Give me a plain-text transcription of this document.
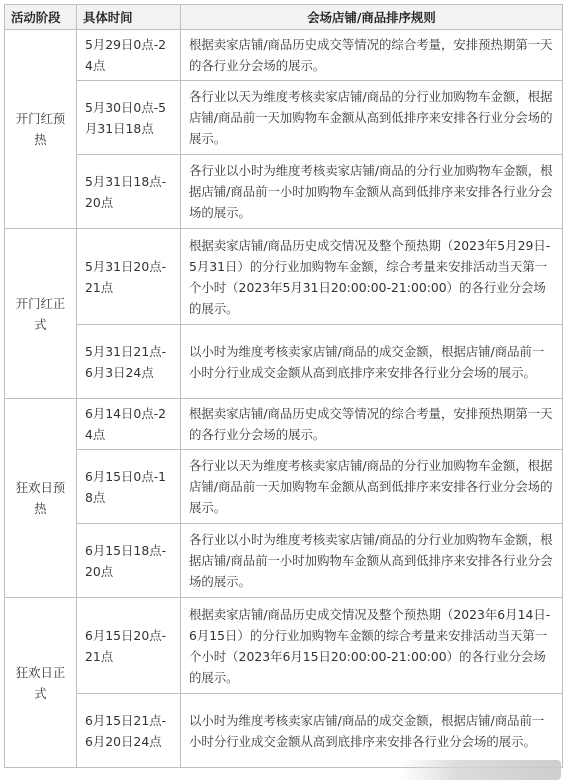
活动阶段	具体时间	会场店铺/商品排序规则
开门红预热	5月29日0点-24点	根据卖家店铺/商品历史成交等情况的综合考量，安排预热期第一天的各行业分会场的展示。
	5月30日0点-5月31日18点	各行业以天为维度考核卖家店铺/商品的分行业加购物车金额，根据店铺/商品前一天加购物车金额从高到低排序来安排各行业分会场的展示。
	5月31日18点-20点	各行业以小时为维度考核卖家店铺/商品的分行业加购物车金额，根据店铺/商品前一小时加购物车金额从高到低排序来安排各行业分会场的展示。
开门红正式	5月31日20点-21点	根据卖家店铺/商品历史成交情况及整个预热期（2023年5月29日-5月31日）的分行业加购物车金额，综合考量来安排活动当天第一个小时（2023年5月31日20:00:00-21:00:00）的各行业分会场的展示。
	5月31日21点-6月3日24点	以小时为维度考核卖家店铺/商品的成交金额，根据店铺/商品前一小时分行业成交金额从高到底排序来安排各行业分会场的展示。
狂欢日预热	6月14日0点-24点	根据卖家店铺/商品历史成交等情况的综合考量，安排预热期第一天的各行业分会场的展示。
	6月15日0点-18点	各行业以天为维度考核卖家店铺/商品的分行业加购物车金额，根据店铺/商品前一天加购物车金额从高到低排序来安排各行业分会场的展示。
	6月15日18点-20点	各行业以小时为维度考核卖家店铺/商品的分行业加购物车金额，根据店铺/商品前一小时加购物车金额从高到低排序来安排各行业分会场的展示。
狂欢日正式	6月15日20点-21点	根据卖家店铺/商品历史成交情况及整个预热期（2023年6月14日-6月15日）的分行业加购物车金额的综合考量来安排活动当天第一个小时（2023年6月15日20:00:00-21:00:00）的各行业分会场的展示。
	6月15日21点-6月20日24点	以小时为维度考核卖家店铺/商品的成交金额，根据店铺/商品前一小时分行业成交金额从高到底排序来安排各行业分会场的展示。
